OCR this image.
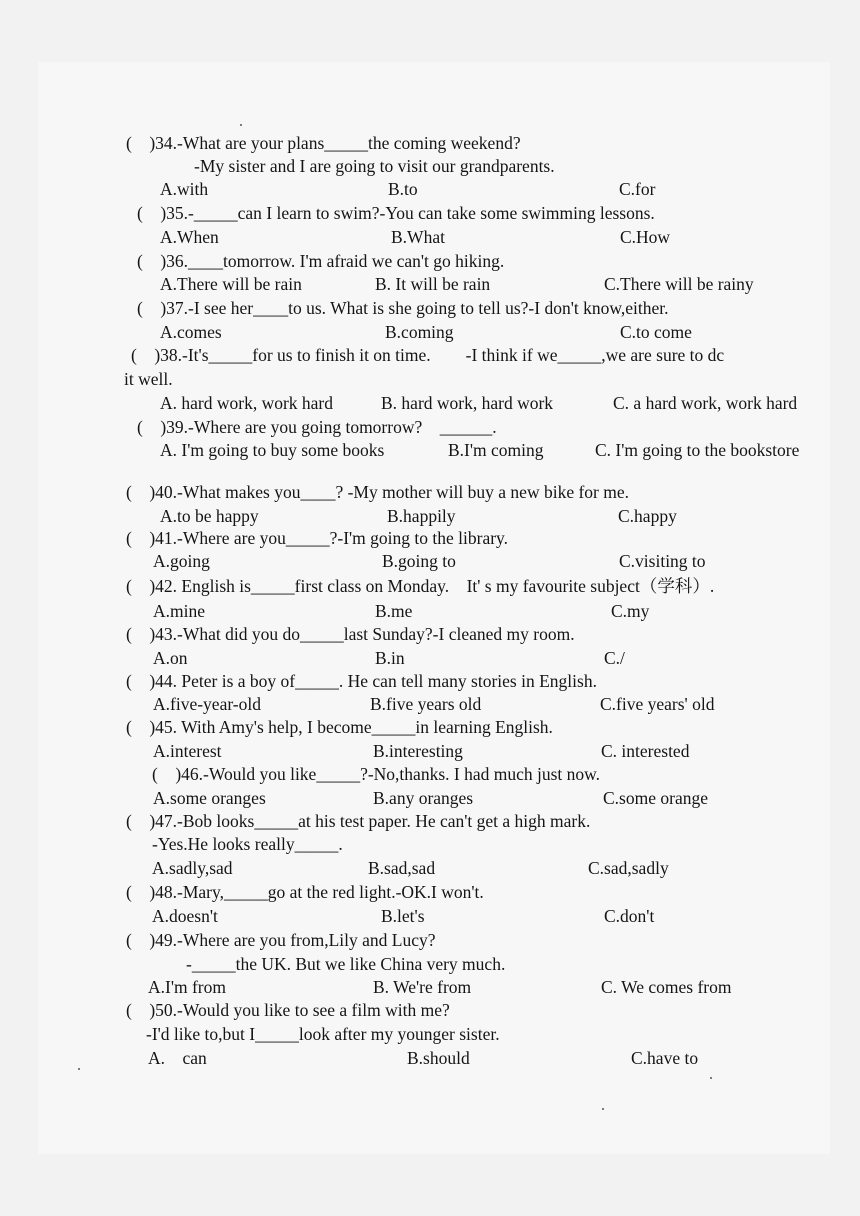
(　)34.-What are your plans_____the coming weekend?
-My sister and I are going to visit our grandparents.
A.with	B.to	C.for
(　)35.-_____can I learn to swim?-You can take some swimming lessons.
A.When	B.What	C.How
(　)36.____tomorrow. I'm afraid we can't go hiking.
A.There will be rain	B. It will be rain	C.There will be rainy
(　)37.-I see her____to us. What is she going to tell us?-I don't know,either.
A.comes	B.coming	C.to come
(　)38.-It's_____for us to finish it on time.　　-I think if we_____,we are sure to dc
it well.
A. hard work, work hard	B. hard work, hard work	C. a hard work, work hard
(　)39.-Where are you going tomorrow?　______.
A. I'm going to buy some books	B.I'm coming	C. I'm going to the bookstore
(　)40.-What makes you____? -My mother will buy a new bike for me.
A.to be happy	B.happily	C.happy
(　)41.-Where are you_____?-I'm going to the library.
A.going	B.going to	C.visiting to
(　)42. English is_____first class on Monday.　It' s my favourite subject（学科）.
A.mine	B.me	C.my
(　)43.-What did you do_____last Sunday?-I cleaned my room.
A.on	B.in	C./
(　)44. Peter is a boy of_____. He can tell many stories in English.
A.five-year-old	B.five years old	C.five years' old
(　)45. With Amy's help, I become_____in learning English.
A.interest	B.interesting	C. interested
(　)46.-Would you like_____?-No,thanks. I had much just now.
A.some oranges	B.any oranges	C.some orange
(　)47.-Bob looks_____at his test paper. He can't get a high mark.
-Yes.He looks really_____.
A.sadly,sad	B.sad,sad	C.sad,sadly
(　)48.-Mary,_____go at the red light.-OK.I won't.
A.doesn't	B.let's	C.don't
(　)49.-Where are you from,Lily and Lucy?
-_____the UK. But we like China very much.
A.I'm from	B. We're from	C. We comes from
(　)50.-Would you like to see a film with me?
-I'd like to,but I_____look after my younger sister.
A.　can	B.should	C.have to
